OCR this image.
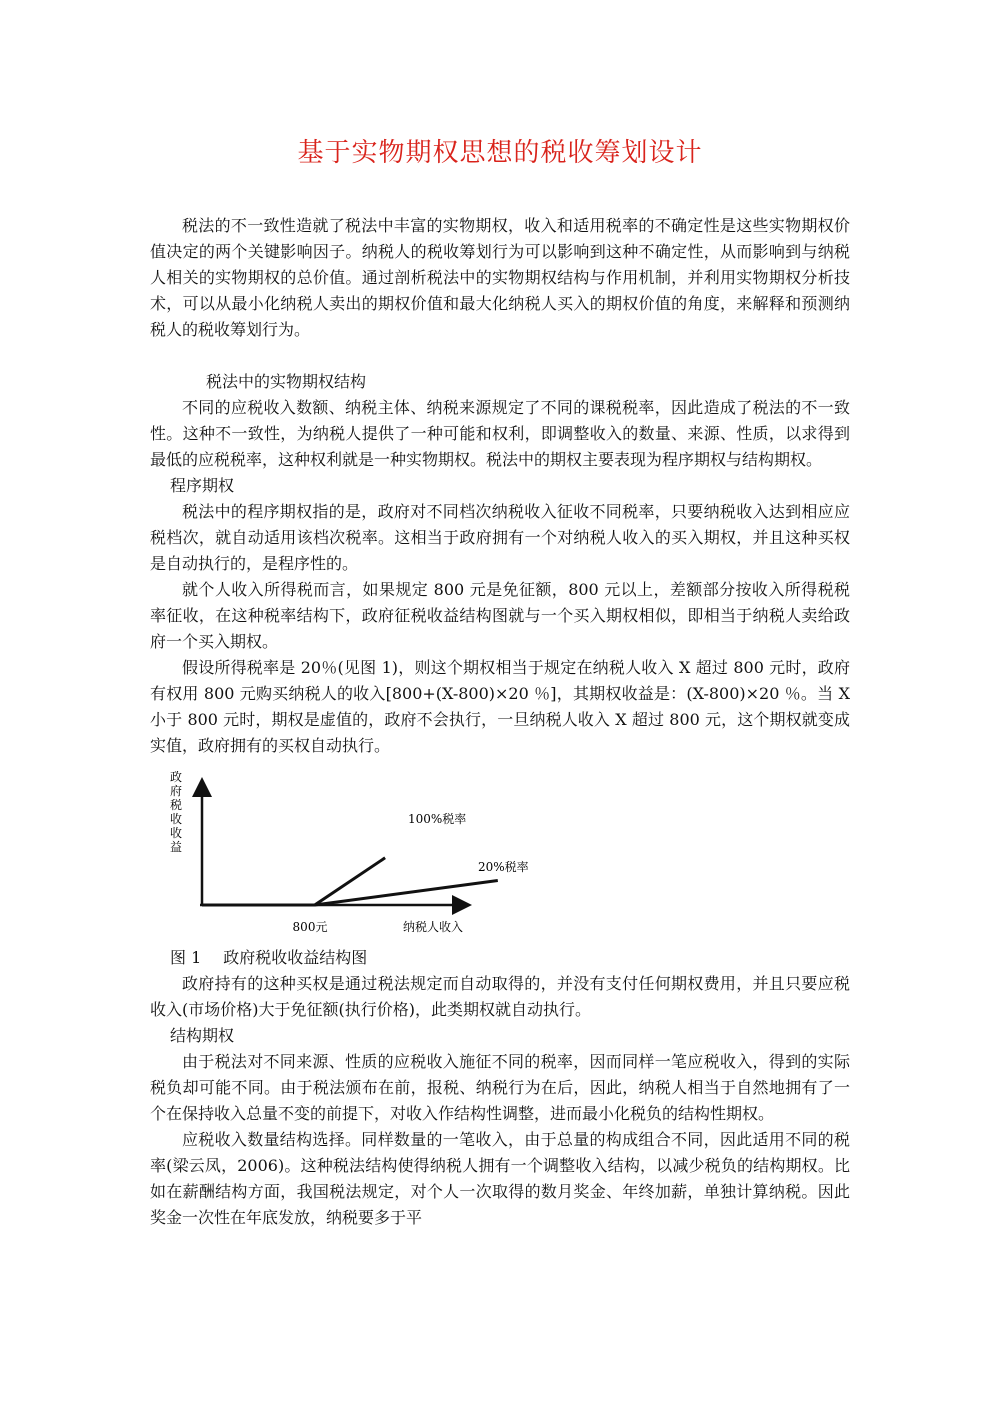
基于实物期权思想的税收筹划设计

税法的不一致性造就了税法中丰富的实物期权，收入和适用税率的不确定性是这些实物期权价值决定的两个关键影响因子。纳税人的税收筹划行为可以影响到这种不确定性，从而影响到与纳税人相关的实物期权的总价值。通过剖析税法中的实物期权结构与作用机制，并利用实物期权分析技术，可以从最小化纳税人卖出的期权价值和最大化纳税人买入的期权价值的角度，来解释和预测纳税人的税收筹划行为。

税法中的实物期权结构

不同的应税收入数额、纳税主体、纳税来源规定了不同的课税税率，因此造成了税法的不一致性。这种不一致性，为纳税人提供了一种可能和权利，即调整收入的数量、来源、性质，以求得到最低的应税税率，这种权利就是一种实物期权。税法中的期权主要表现为程序期权与结构期权。

程序期权

税法中的程序期权指的是，政府对不同档次纳税收入征收不同税率，只要纳税收入达到相应应税档次，就自动适用该档次税率。这相当于政府拥有一个对纳税人收入的买入期权，并且这种买权是自动执行的，是程序性的。

就个人收入所得税而言，如果规定 800 元是免征额，800 元以上，差额部分按收入所得税税率征收，在这种税率结构下，政府征税收益结构图就与一个买入期权相似，即相当于纳税人卖给政府一个买入期权。

假设所得税率是 20％(见图 1)，则这个期权相当于规定在纳税人收入 X 超过 800 元时，政府有权用 800 元购买纳税人的收入[800+(X-800)×20 ％]，其期权收益是：(X-800)×20 ％。当 X 小于 800 元时，期权是虚值的，政府不会执行，一旦纳税人收入 X 超过 800 元，这个期权就变成实值，政府拥有的买权自动执行。

800元	纳税人收入
政府税收收益
100%税率
20%税率

图 1 政府税收收益结构图

政府持有的这种买权是通过税法规定而自动取得的，并没有支付任何期权费用，并且只要应税收入(市场价格)大于免征额(执行价格)，此类期权就自动执行。

结构期权

由于税法对不同来源、性质的应税收入施征不同的税率，因而同样一笔应税收入，得到的实际税负却可能不同。由于税法颁布在前，报税、纳税行为在后，因此，纳税人相当于自然地拥有了一个在保持收入总量不变的前提下，对收入作结构性调整，进而最小化税负的结构性期权。

应税收入数量结构选择。同样数量的一笔收入，由于总量的构成组合不同，因此适用不同的税率(梁云凤，2006)。这种税法结构使得纳税人拥有一个调整收入结构，以减少税负的结构期权。比如在薪酬结构方面，我国税法规定，对个人一次取得的数月奖金、年终加薪，单独计算纳税。因此奖金一次性在年底发放，纳税要多于平
